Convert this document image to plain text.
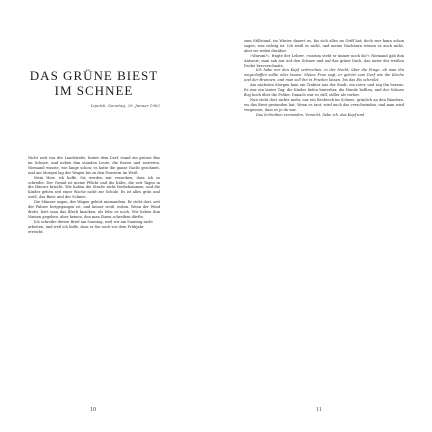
DAS GRÜNE BIEST
IM SCHNEE
Lipetsk, Sonntag, 29. Januar 1962

Nicht weit von der Landstraße, hinter dem Dorf, stand ein grüner Bus im Schnee, und neben ihm standen Leute, die froren und warteten. Niemand wusste, wie lange schon; es hatte die ganze Nacht geschneit, und am Morgen lag der Wagen bis zu den Fenstern im Weiß.

Mein Herr, ich hoffe, Sie werden mir verzeihen, dass ich so schreibe. Der Grund ist meine Pflicht und die Kälte, die seit Tagen in die Häuser kriecht. Wir haben die Straße nicht freibekommen, und die Kinder gehen seit einer Woche nicht zur Schule. Es ist alles grün und weiß, das Biest und der Schnee.

Die Männer sagen, der Wagen gehört niemandem. Er steht dort, seit der Fahrer fortgegangen ist, und keiner weiß, wohin. Wenn der Wind dreht, hört man das Blech knacken, als lebe es noch. Wir haben ihm Namen gegeben, aber keinen, den man Ihnen schreiben dürfte.

Ich schreibe diesen Brief am Sonntag, weil wir am Sonntag nicht arbeiten, und weil ich hoffe, dass er Sie noch vor dem Frühjahr erreicht.

10

zum Stillstand, im Winter dauert es, bis sich alles im Griff hat; doch wer kann schon sagen, was richtig ist. Ich weiß es nicht, und meine Nachbarn wissen es auch nicht, aber sie reden darüber.

»Warum?«, fragte der Lehrer, »warum steht er immer noch da?« Niemand gab ihm Antwort; man sah nur auf den Schnee und auf das grüne Dach, das unter der weißen Decke hervorschaute.

Ich habe mir den Kopf zerbrochen, in der Nacht, über die Frage, ob man ihn wegschaffen sollte oder lassen. Meine Frau sagt, er gehört zum Dorf wie die Kirche und der Brunnen, und man soll ihn in Frieden lassen, bis das Eis schmilzt.

Am nächsten Morgen kam ein Traktor aus der Stadt, ein roter, und zog ihn heraus. Es war ein lauter Tag; die Kinder liefen hinterher, die Hunde bellten, und der Schnee flog hoch über die Felder. Danach war es still, stiller als vorher.

Nun steht dort nichts mehr, nur ein Rechteck im Schnee, grünlich an den Rändern, wo das Biest gestanden hat. Wenn es taut, wird auch das verschwinden, und man wird vergessen, dass es je da war.

Das Schreiben vermeiden, Vorsicht, liebe ich, das Kopf und

11
